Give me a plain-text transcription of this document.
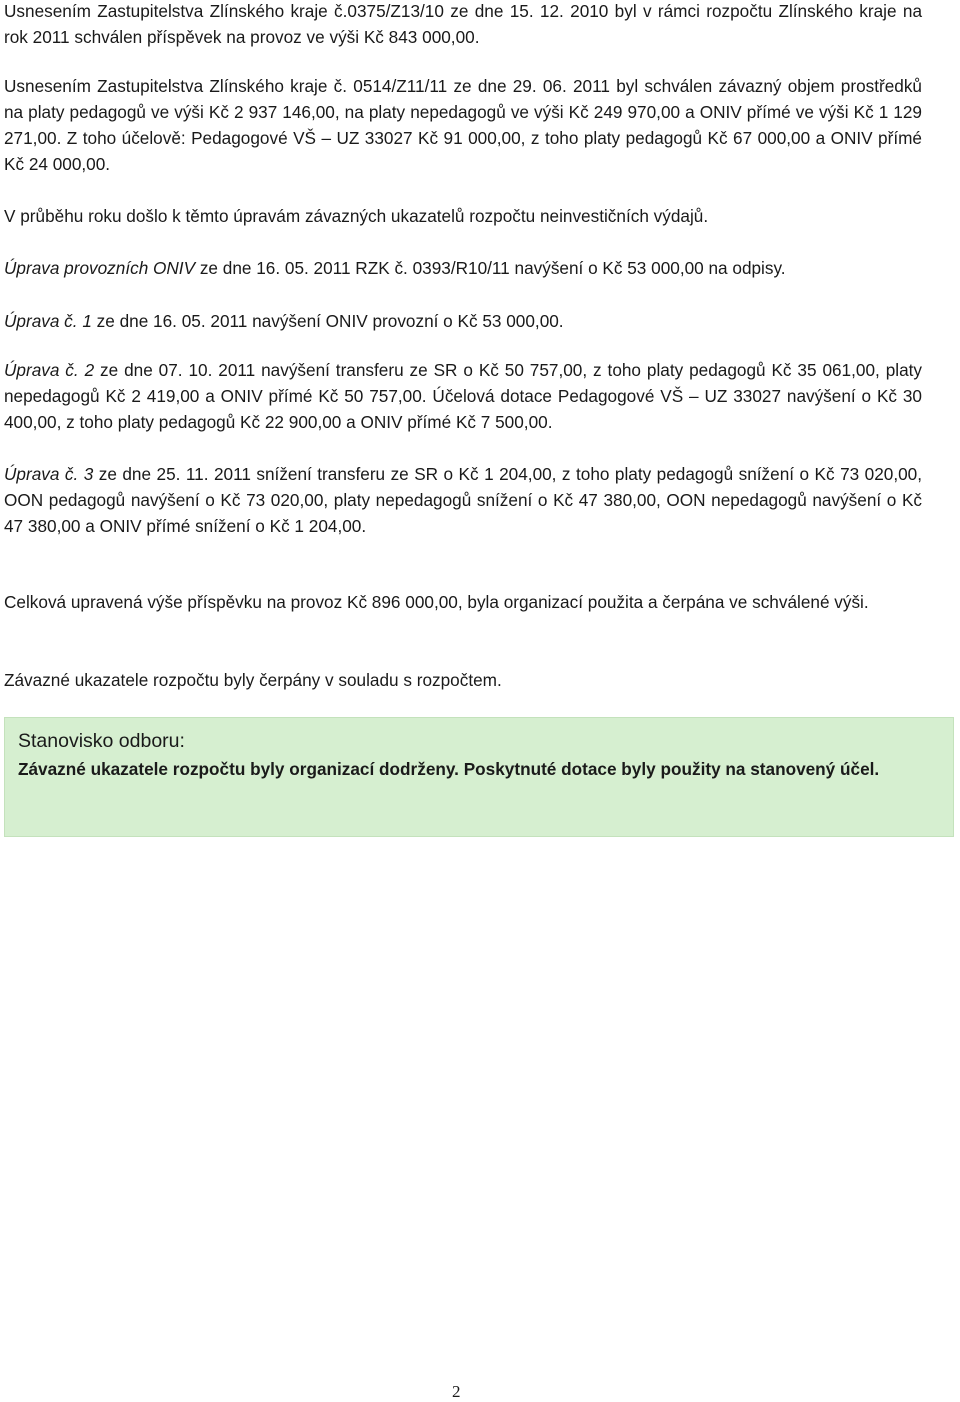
Usnesením Zastupitelstva Zlínského kraje č.0375/Z13/10 ze dne 15. 12. 2010 byl v rámci rozpočtu Zlínského kraje na rok 2011 schválen příspěvek na provoz ve výši Kč 843 000,00.

Usnesením Zastupitelstva Zlínského kraje č. 0514/Z11/11 ze dne 29. 06. 2011 byl schválen závazný objem prostředků na platy pedagogů ve výši Kč 2 937 146,00, na platy nepedagogů ve výši Kč 249 970,00 a ONIV přímé ve výši Kč 1 129 271,00. Z toho účelově: Pedagogové VŠ – UZ 33027 Kč 91 000,00, z toho platy pedagogů Kč 67 000,00 a ONIV přímé Kč 24 000,00.

V průběhu roku došlo k těmto úpravám závazných ukazatelů rozpočtu neinvestičních výdajů.

Úprava provozních ONIV ze dne 16. 05. 2011 RZK č. 0393/R10/11 navýšení o Kč 53 000,00 na odpisy.

Úprava č. 1 ze dne 16. 05. 2011 navýšení ONIV provozní o Kč 53 000,00.

Úprava č. 2 ze dne 07. 10. 2011 navýšení transferu ze SR o Kč 50 757,00, z toho platy pedagogů Kč 35 061,00, platy nepedagogů Kč 2 419,00 a ONIV přímé Kč 50 757,00. Účelová dotace Pedagogové VŠ – UZ 33027 navýšení o Kč 30 400,00, z toho platy pedagogů Kč 22 900,00 a ONIV přímé Kč 7 500,00.

Úprava č. 3 ze dne 25. 11. 2011 snížení transferu ze SR o Kč 1 204,00, z toho platy pedagogů snížení o Kč 73 020,00, OON pedagogů navýšení o Kč 73 020,00, platy nepedagogů snížení o Kč 47 380,00, OON nepedagogů navýšení o Kč 47 380,00 a ONIV přímé snížení o Kč 1 204,00.

Celková upravená výše příspěvku na provoz Kč 896 000,00, byla organizací použita a čerpána ve schválené výši.

Závazné ukazatele rozpočtu byly čerpány v souladu s rozpočtem.

Stanovisko odboru:
Závazné ukazatele rozpočtu byly organizací dodrženy. Poskytnuté dotace byly použity na stanovený účel.
2
